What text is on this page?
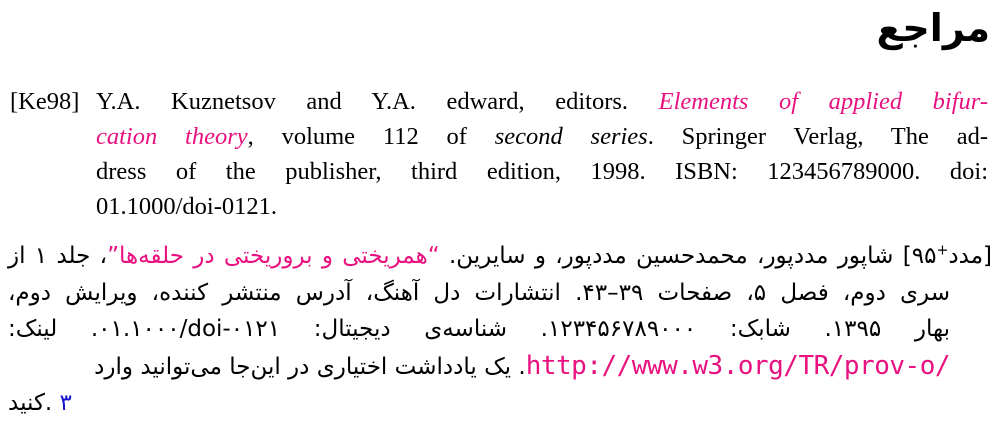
مراجع
[Ke98] Y.A. Kuznetsov and Y.A. edward, editors. Elements of applied bifur-
cation theory, volume 112 of second series. Springer Verlag, The ad-
dress of the publisher, third edition, 1998. ISBN: 123456789000. doi:
01.1000/doi-0121.
[مدد+۹۵] شاپور مددپور، محمدحسین مددپور، و سایرین. “همریختی و بروریختی در حلقه‌ها”، جلد ۱ از
سری دوم، فصل ۵، صفحات ۳۹–۴۳. انتشارات دل آهنگ، آدرس منتشر کننده، ویرایش دوم،
بهار ۱۳۹۵. شابک: ۱۲۳۴۵۶۷۸۹۰۰۰. شناسه‌ی دیجیتال: ۰۱.۱۰۰۰/doi-۰۱۲۱. لینک:
http://www.w3.org/TR/prov-o/. یک یادداشت اختیاری در این‌جا می‌توانید وارد
کنید. ۳
